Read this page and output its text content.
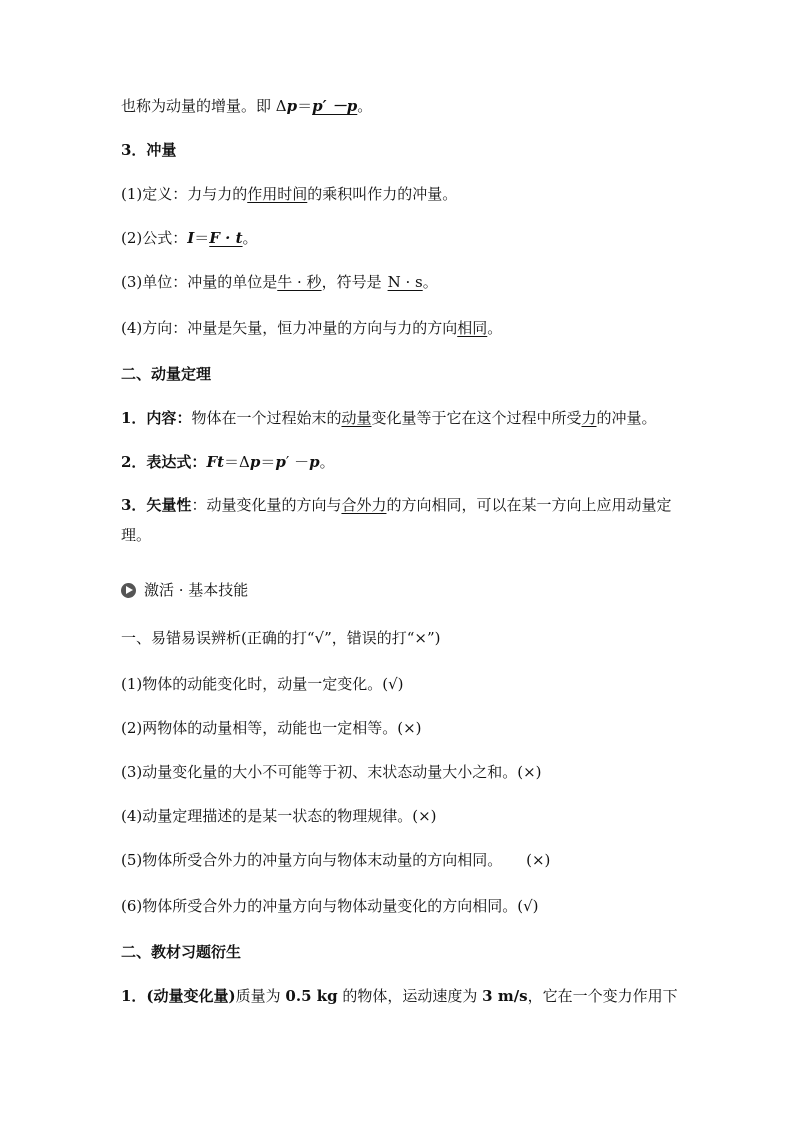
也称为动量的增量。即 Δp＝p′ －p。
3．冲量
(1)定义：力与力的作用时间的乘积叫作力的冲量。
(2)公式：I＝F · t。
(3)单位：冲量的单位是牛 · 秒，符号是 N · s。
(4)方向：冲量是矢量，恒力冲量的方向与力的方向相同。
二、动量定理
1．内容：物体在一个过程始末的动量变化量等于它在这个过程中所受力的冲量。
2．表达式：Ft＝Δp＝p′ －p。
3．矢量性：动量变化量的方向与合外力的方向相同，可以在某一方向上应用动量定理。
激活 · 基本技能
一、易错易误辨析(正确的打“√”，错误的打“×”)
(1)物体的动能变化时，动量一定变化。(√)
(2)两物体的动量相等，动能也一定相等。(×)
(3)动量变化量的大小不可能等于初、末状态动量大小之和。(×)
(4)动量定理描述的是某一状态的物理规律。(×)
(5)物体所受合外力的冲量方向与物体末动量的方向相同。     (×)
(6)物体所受合外力的冲量方向与物体动量变化的方向相同。(√)
二、教材习题衍生
1．(动量变化量)质量为 0.5 kg 的物体，运动速度为 3 m/s，它在一个变力作用下
